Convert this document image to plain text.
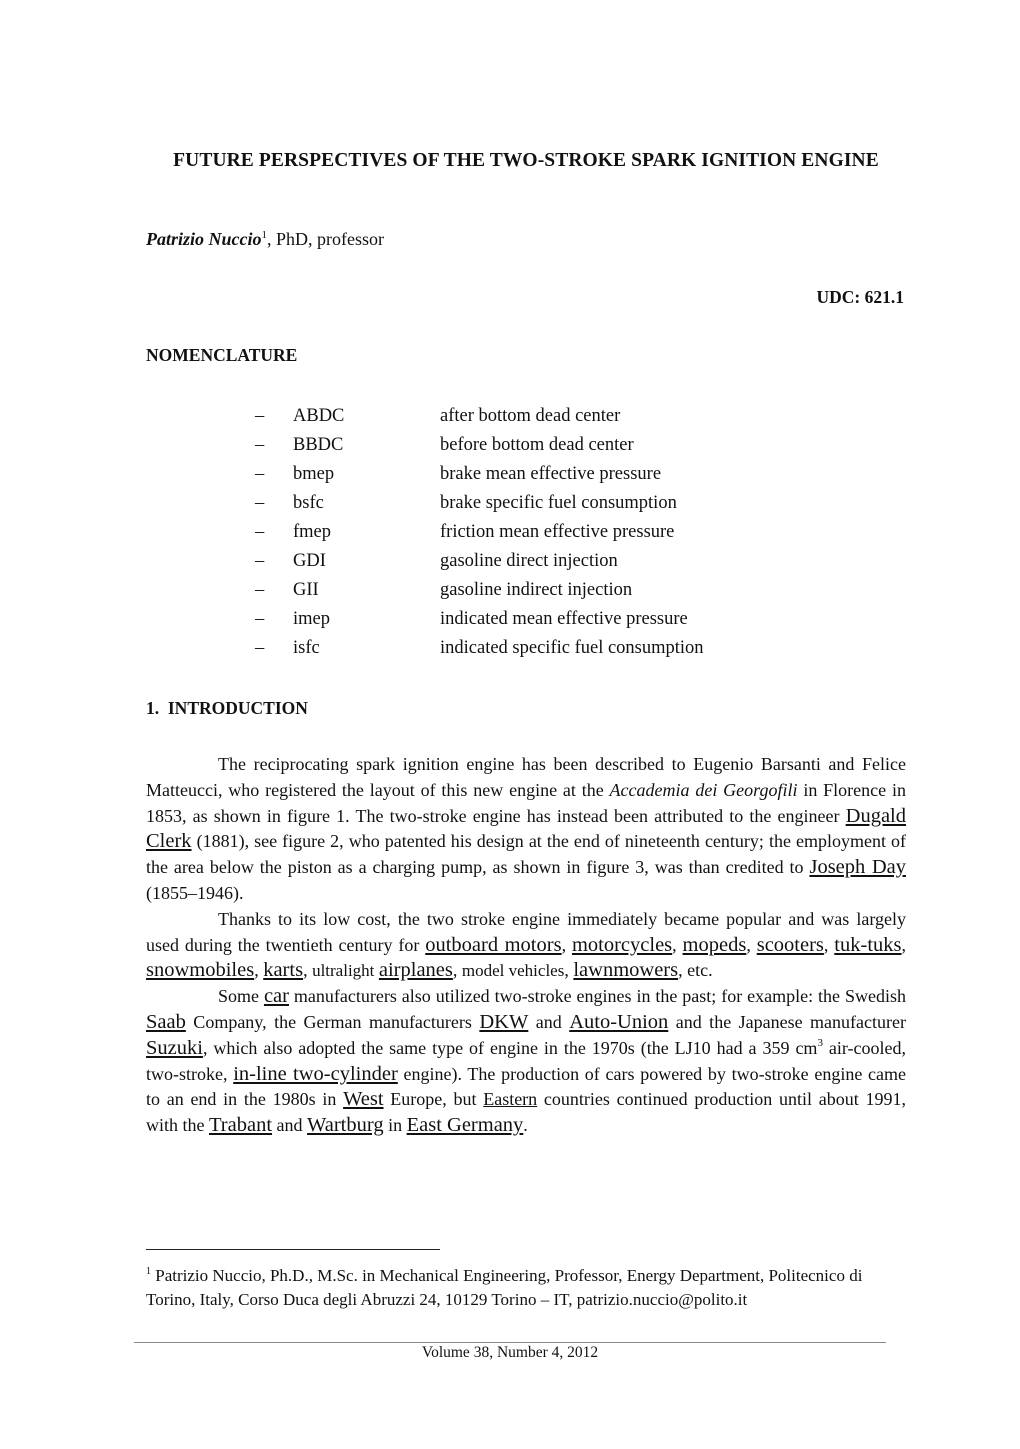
FUTURE PERSPECTIVES OF THE TWO-STROKE SPARK IGNITION ENGINE
Patrizio Nuccio$^1$, PhD, professor
UDC: 621.1
NOMENCLATURE
– ABDC	after bottom dead center
– BBDC	before bottom dead center
– bmep	brake mean effective pressure
– bsfc	brake specific fuel consumption
– fmep	friction mean effective pressure
– GDI	gasoline direct injection
– GII	gasoline indirect injection
– imep	indicated mean effective pressure
– isfc	indicated specific fuel consumption
1.  INTRODUCTION

The reciprocating spark ignition engine has been described to Eugenio Barsanti and Felice Matteucci, who registered the layout of this new engine at the Accademia dei Georgofili in Florence in 1853, as shown in figure 1. The two-stroke engine has instead been attributed to the engineer Dugald Clerk (1881), see figure 2, who patented his design at the end of nineteenth century; the employment of the area below the piston as a charging pump, as shown in figure 3, was than credited to Joseph Day (1855–1946).

Thanks to its low cost, the two stroke engine immediately became popular and was largely used during the twentieth century for outboard motors, motorcycles, mopeds, scooters, tuk-tuks, snowmobiles, karts, ultralight airplanes, model vehicles, lawnmowers, etc.

Some car manufacturers also utilized two-stroke engines in the past; for example: the Swedish Saab Company, the German manufacturers DKW and Auto-Union and the Japanese manufacturer Suzuki, which also adopted the same type of engine in the 1970s (the LJ10 had a 359 $cm^3$ air-cooled, two-stroke, in-line two-cylinder engine). The production of cars powered by two-stroke engine came to an end in the 1980s in West Europe, but Eastern countries continued production until about 1991, with the Trabant and Wartburg in East Germany.

$^1$ Patrizio Nuccio, Ph.D., M.Sc. in Mechanical Engineering, Professor, Energy Department, Politecnico di Torino, Italy, Corso Duca degli Abruzzi 24, 10129 Torino – IT, patrizio.nuccio@polito.it
Volume 38, Number 4, 2012
